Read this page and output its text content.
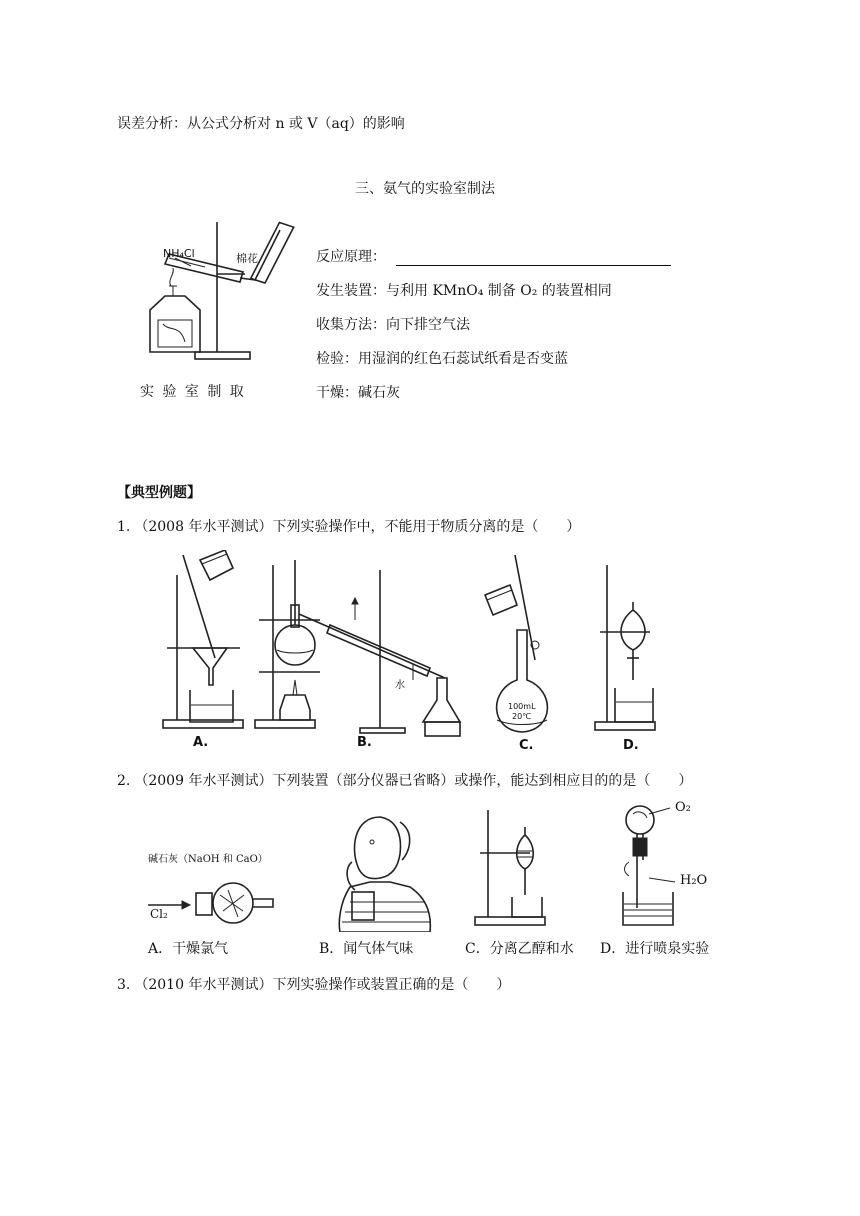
误差分析：从公式分析对 n 或 V（aq）的影响
三、氨气的实验室制法
NH₄Cl	棉花
实 验 室 制 取
反应原理：
发生装置：与利用 KMnO₄ 制备 O₂ 的装置相同
收集方法：向下排空气法
检验：用湿润的红色石蕊试纸看是否变蓝
干燥：碱石灰
【典型例题】
1. （2008 年水平测试）下列实验操作中，不能用于物质分离的是（　　）
A.	B.	C.	D.
100mL
20℃
水
2. （2009 年水平测试）下列装置（部分仪器已省略）或操作，能达到相应目的的是（　　）
碱石灰（NaOH 和 CaO）
Cl₂
O₂
H₂O
A．干燥氯气	B．闻气体气味	C．分离乙醇和水 D．进行喷泉实验
3. （2010 年水平测试）下列实验操作或装置正确的是（　　）
